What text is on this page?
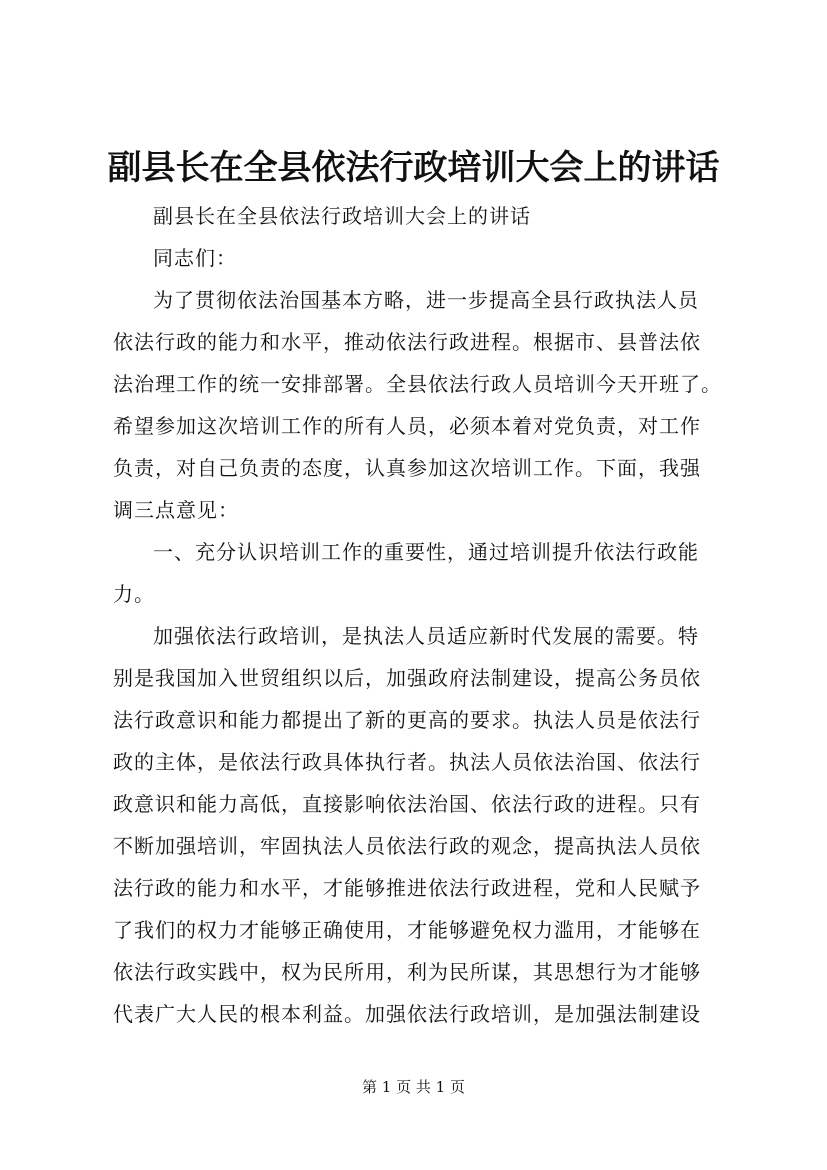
副县长在全县依法行政培训大会上的讲话
副县长在全县依法行政培训大会上的讲话
同志们：
为了贯彻依法治国基本方略，进一步提高全县行政执法人员
依法行政的能力和水平，推动依法行政进程。根据市、县普法依
法治理工作的统一安排部署。全县依法行政人员培训今天开班了。
希望参加这次培训工作的所有人员，必须本着对党负责，对工作
负责，对自己负责的态度，认真参加这次培训工作。下面，我强
调三点意见：
一、充分认识培训工作的重要性，通过培训提升依法行政能
力。
加强依法行政培训，是执法人员适应新时代发展的需要。特
别是我国加入世贸组织以后，加强政府法制建设，提高公务员依
法行政意识和能力都提出了新的更高的要求。执法人员是依法行
政的主体，是依法行政具体执行者。执法人员依法治国、依法行
政意识和能力高低，直接影响依法治国、依法行政的进程。只有
不断加强培训，牢固执法人员依法行政的观念，提高执法人员依
法行政的能力和水平，才能够推进依法行政进程，党和人民赋予
了我们的权力才能够正确使用，才能够避免权力滥用，才能够在
依法行政实践中，权为民所用，利为民所谋，其思想行为才能够
代表广大人民的根本利益。加强依法行政培训，是加强法制建设
第 1 页 共 1 页
